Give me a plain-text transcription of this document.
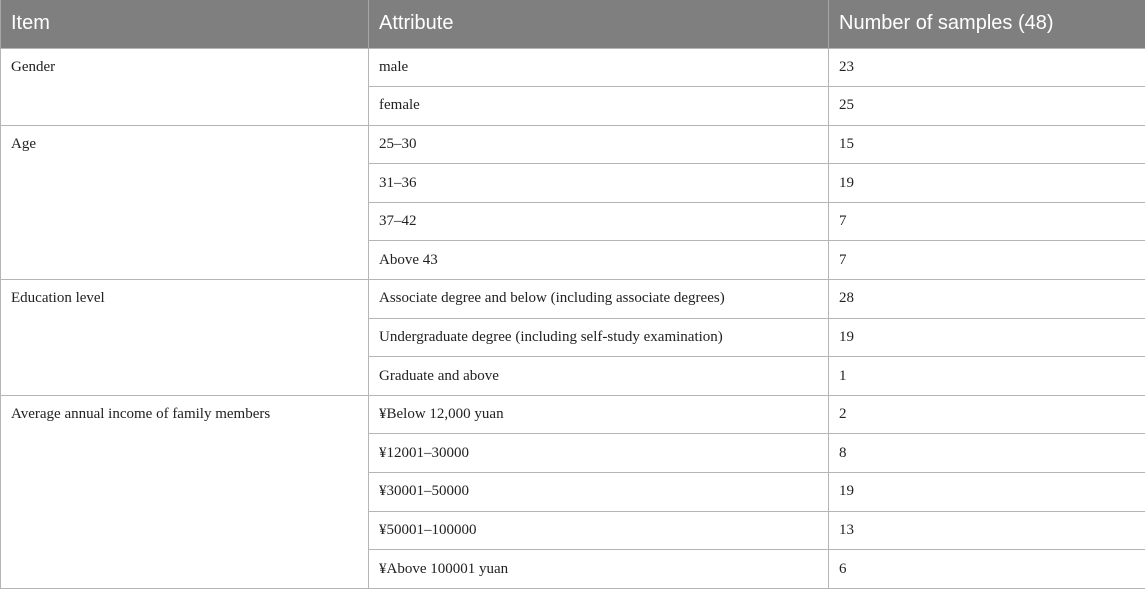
Item	Attribute	Number of samples (48)
Gender	male	23
	female	25
Age	25–30	15
	31–36	19
	37–42	7
	Above 43	7
Education level	Associate degree and below (including associate degrees)	28
	Undergraduate degree (including self-study examination)	19
	Graduate and above	1
Average annual income of family members	¥Below 12,000 yuan	2
	¥12001–30000	8
	¥30001–50000	19
	¥50001–100000	13
	¥Above 100001 yuan	6
